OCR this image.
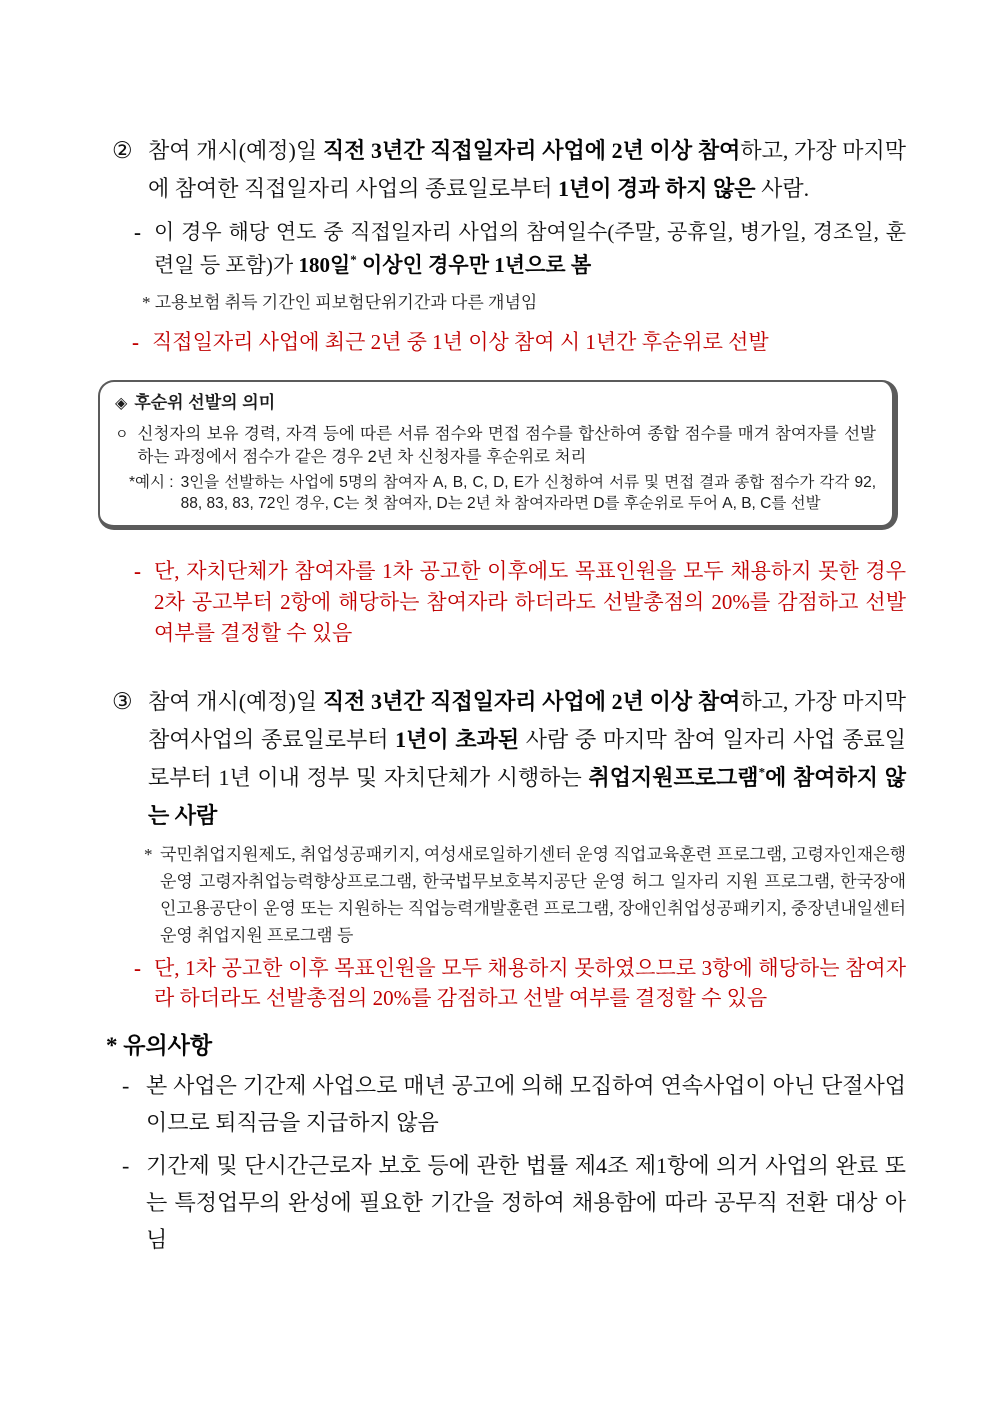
② 참여 개시(예정)일 직전 3년간 직접일자리 사업에 2년 이상 참여하고, 가장 마지막에 참여한 직접일자리 사업의 종료일로부터 1년이 경과 하지 않은 사람.
- 이 경우 해당 연도 중 직접일자리 사업의 참여일수(주말, 공휴일, 병가일, 경조일, 훈련일 등 포함)가 180일* 이상인 경우만 1년으로 봄
* 고용보험 취득 기간인 피보험단위기간과 다른 개념임
- 직접일자리 사업에 최근 2년 중 1년 이상 참여 시 1년간 후순위로 선발
◈ 후순위 선발의 의미
ㅇ 신청자의 보유 경력, 자격 등에 따른 서류 점수와 면접 점수를 합산하여 종합 점수를 매겨 참여자를 선발하는 과정에서 점수가 같은 경우 2년 차 신청자를 후순위로 처리
*예시 : 3인을 선발하는 사업에 5명의 참여자 A, B, C, D, E가 신청하여 서류 및 면접 결과 종합 점수가 각각 92, 88, 83, 83, 72인 경우, C는 첫 참여자, D는 2년 차 참여자라면 D를 후순위로 두어 A, B, C를 선발
- 단, 자치단체가 참여자를 1차 공고한 이후에도 목표인원을 모두 채용하지 못한 경우 2차 공고부터 2항에 해당하는 참여자라 하더라도 선발총점의 20%를 감점하고 선발 여부를 결정할 수 있음
③ 참여 개시(예정)일 직전 3년간 직접일자리 사업에 2년 이상 참여하고, 가장 마지막 참여사업의 종료일로부터 1년이 초과된 사람 중 마지막 참여 일자리 사업 종료일로부터 1년 이내 정부 및 자치단체가 시행하는 취업지원프로그램*에 참여하지 않는 사람
* 국민취업지원제도, 취업성공패키지, 여성새로일하기센터 운영 직업교육훈련 프로그램, 고령자인재은행 운영 고령자취업능력향상프로그램, 한국법무보호복지공단 운영 허그 일자리 지원 프로그램, 한국장애인고용공단이 운영 또는 지원하는 직업능력개발훈련 프로그램, 장애인취업성공패키지, 중장년내일센터 운영 취업지원 프로그램 등
- 단, 1차 공고한 이후 목표인원을 모두 채용하지 못하였으므로 3항에 해당하는 참여자라 하더라도 선발총점의 20%를 감점하고 선발 여부를 결정할 수 있음
* 유의사항
- 본 사업은 기간제 사업으로 매년 공고에 의해 모집하여 연속사업이 아닌 단절사업이므로 퇴직금을 지급하지 않음
- 기간제 및 단시간근로자 보호 등에 관한 법률 제4조 제1항에 의거 사업의 완료 또는 특정업무의 완성에 필요한 기간을 정하여 채용함에 따라 공무직 전환 대상 아님
